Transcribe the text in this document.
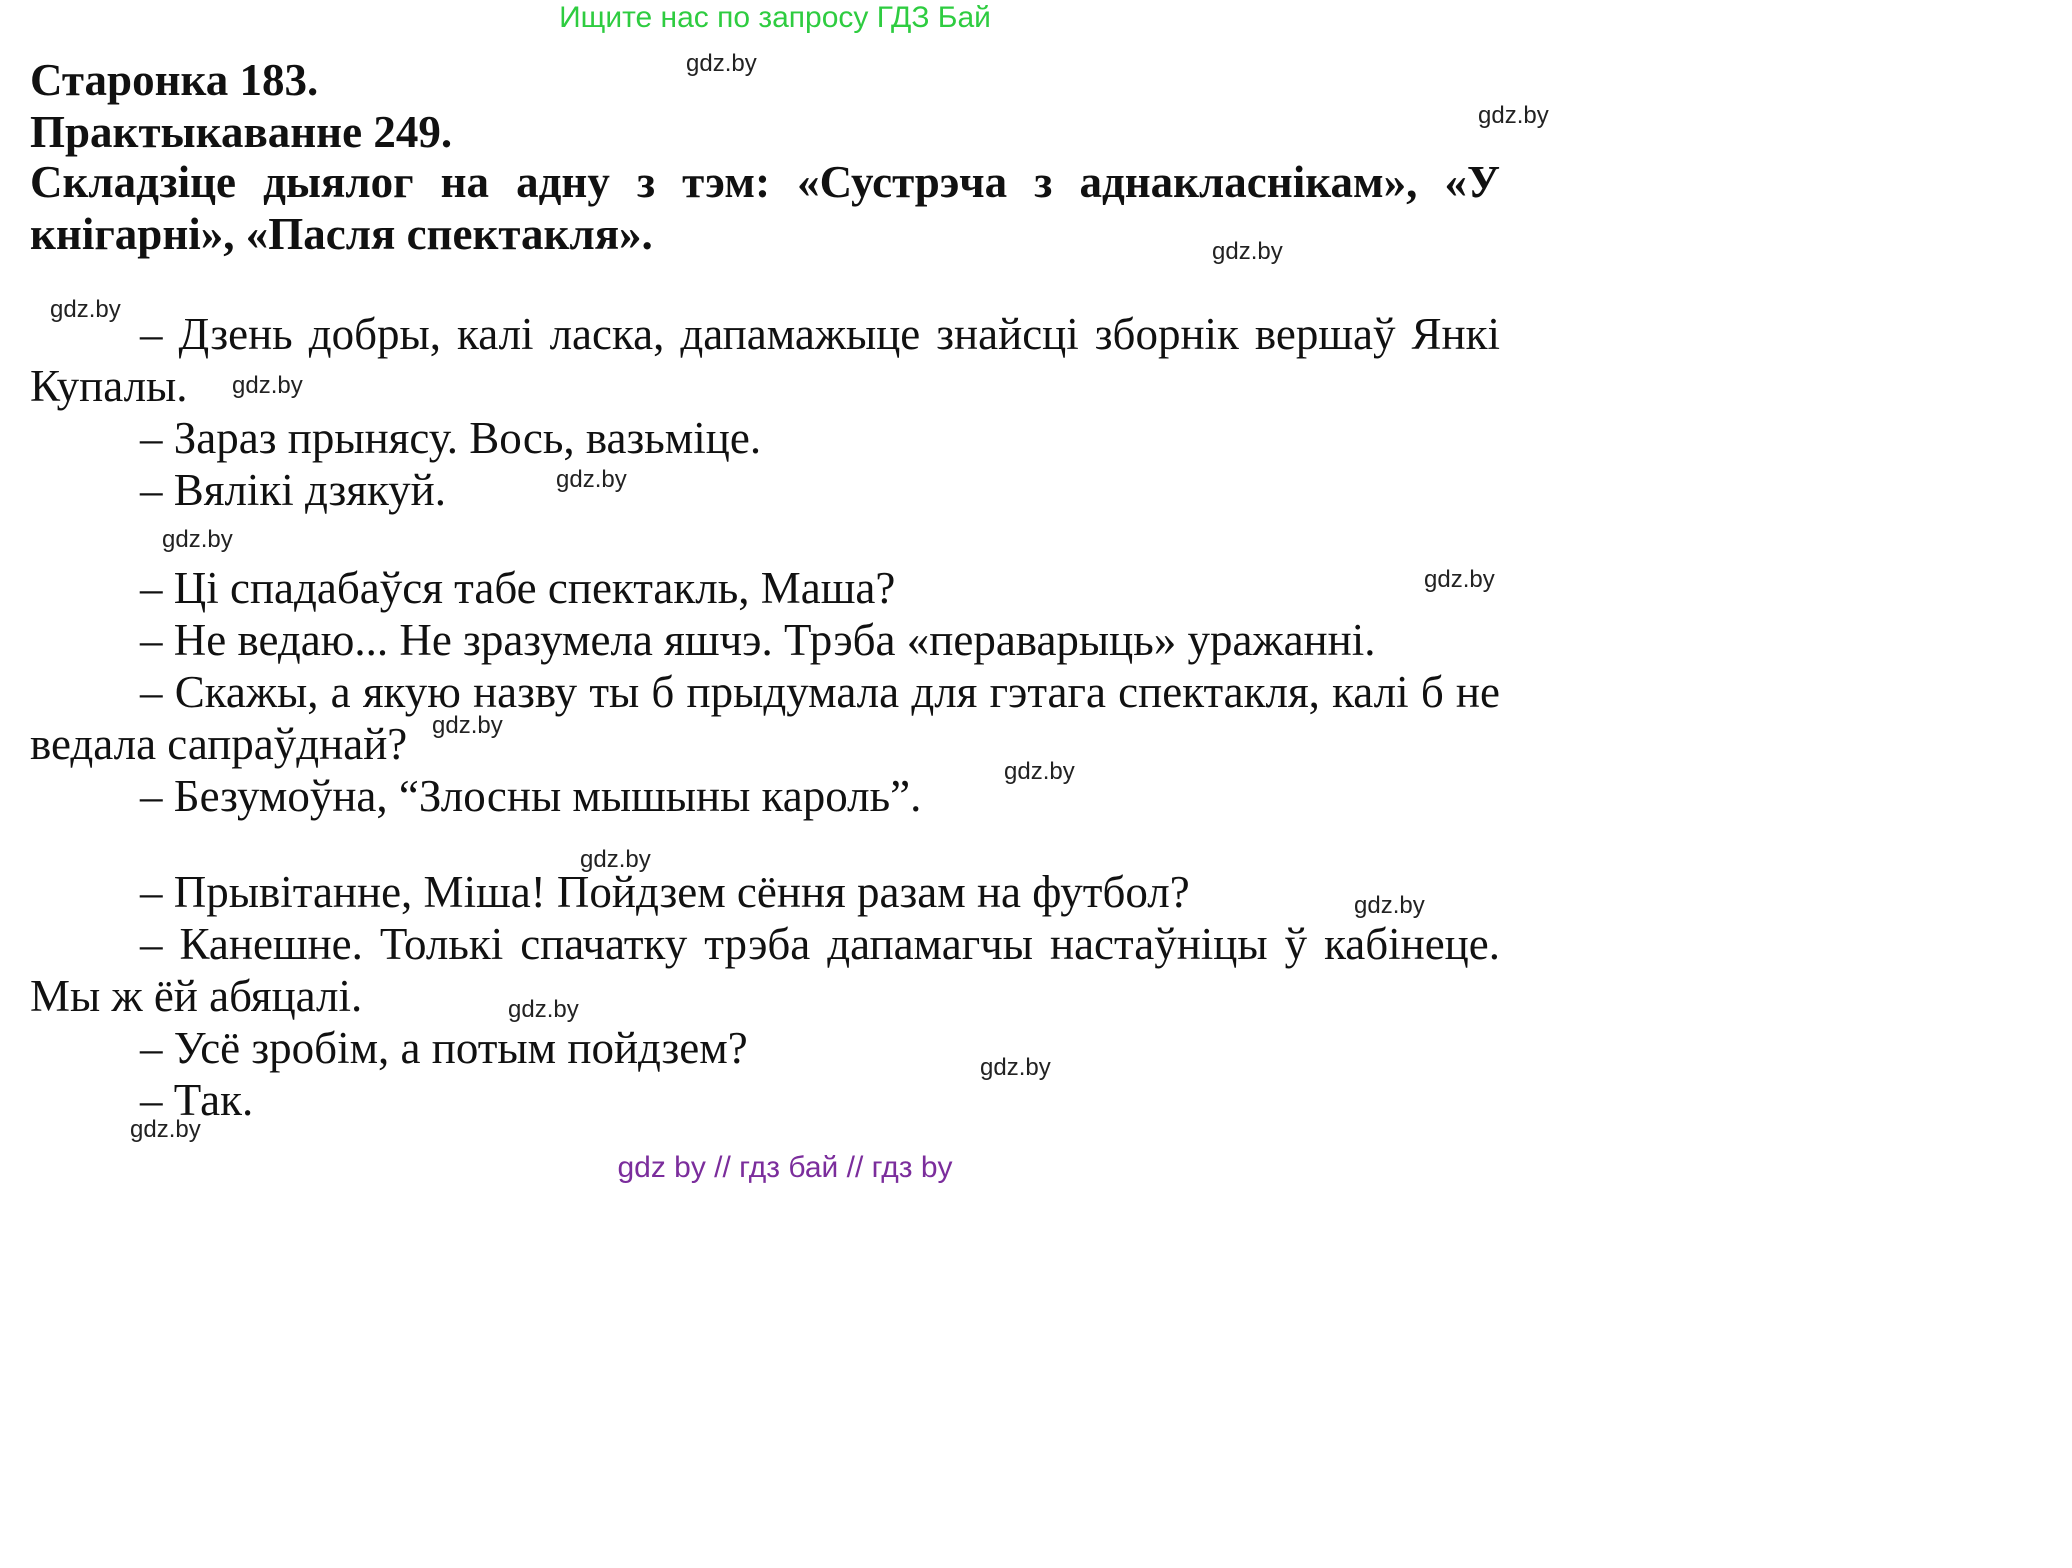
Ищите нас по запросу ГДЗ Бай
Старонка 183.
Практыкаванне 249.
Складзіце дыялог на адну з тэм: «Сустрэча з аднакласнікам», «У кнігарні», «Пасля спектакля».

– Дзень добры, калі ласка, дапамажыце знайсці зборнік вершаў Янкі Купалы.

– Зараз прынясу. Вось, вазьміце.

– Вялікі дзякуй.

– Ці спадабаўся табе спектакль, Маша?

– Не ведаю... Не зразумела яшчэ. Трэба «пераварыць» уражанні.

– Скажы, а якую назву ты б прыдумала для гэтага спектакля, калі б не ведала сапраўднай?

– Безумоўна, “Злосны мышыны кароль”.

– Прывітанне, Міша! Пойдзем сёння разам на футбол?

– Канешне. Толькі спачатку трэба дапамагчы настаўніцы ў кабінеце. Мы ж ёй абяцалі.

– Усё зробім, а потым пойдзем?

– Так.

gdz.by
gdz.by
gdz.by
gdz.by
gdz.by
gdz.by
gdz.by
gdz.by
gdz.by
gdz.by
gdz.by
gdz.by
gdz.by
gdz.by
gdz.by
gdz by // гдз бай // гдз by
